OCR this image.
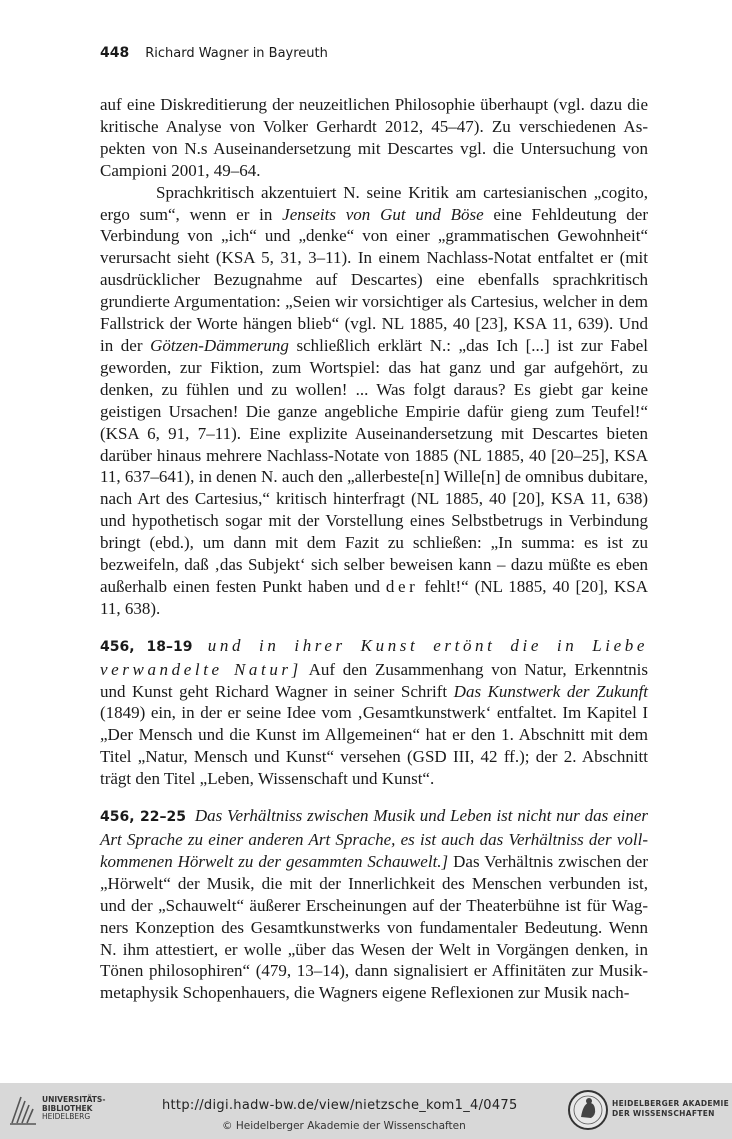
448 Richard Wagner in Bayreuth

auf eine Diskreditierung der neuzeitlichen Philosophie überhaupt (vgl. dazu die kritische Analyse von Volker Gerhardt 2012, 45–47). Zu verschiedenen Aspekten von N.s Auseinandersetzung mit Descartes vgl. die Untersuchung von Campioni 2001, 49–64.

Sprachkritisch akzentuiert N. seine Kritik am cartesianischen „cogito, ergo sum“, wenn er in Jenseits von Gut und Böse eine Fehldeutung der Verbindung von „ich“ und „denke“ von einer „grammatischen Gewohnheit“ verursacht sieht (KSA 5, 31, 3–11). In einem Nachlass-Notat entfaltet er (mit ausdrücklicher Bezugnahme auf Descartes) eine ebenfalls sprachkritisch grundierte Argumentation: „Seien wir vorsichtiger als Cartesius, welcher in dem Fallstrick der Worte hängen blieb“ (vgl. NL 1885, 40 [23], KSA 11, 639). Und in der Götzen-Dämmerung schließlich erklärt N.: „das Ich [...] ist zur Fabel geworden, zur Fiktion, zum Wortspiel: das hat ganz und gar aufgehört, zu denken, zu fühlen und zu wollen! ... Was folgt daraus? Es giebt gar keine geistigen Ursachen! Die ganze angebliche Empirie dafür gieng zum Teufel!“ (KSA 6, 91, 7–11). Eine explizite Auseinandersetzung mit Descartes bieten darüber hinaus mehrere Nachlass-Notate von 1885 (NL 1885, 40 [20–25], KSA 11, 637–641), in denen N. auch den „allerbeste[n] Wille[n] de omnibus dubitare, nach Art des Cartesius,“ kritisch hinterfragt (NL 1885, 40 [20], KSA 11, 638) und hypothetisch sogar mit der Vorstellung eines Selbstbetrugs in Verbindung bringt (ebd.), um dann mit dem Fazit zu schließen: „In summa: es ist zu bezweifeln, daß ‚das Subjekt‘ sich selber beweisen kann – dazu müßte es eben außerhalb einen festen Punkt haben und der fehlt!“ (NL 1885, 40 [20], KSA 11, 638).

456, 18–19 und in ihrer Kunst ertönt die in Liebe verwandelte Natur] Auf den Zusammenhang von Natur, Erkenntnis und Kunst geht Richard Wagner in seiner Schrift Das Kunstwerk der Zukunft (1849) ein, in der er seine Idee vom ‚Gesamtkunstwerk‘ entfaltet. Im Kapitel I „Der Mensch und die Kunst im Allgemeinen“ hat er den 1. Abschnitt mit dem Titel „Natur, Mensch und Kunst“ versehen (GSD III, 42 ff.); der 2. Abschnitt trägt den Titel „Leben, Wissenschaft und Kunst“.

456, 22–25 Das Verhältniss zwischen Musik und Leben ist nicht nur das einer Art Sprache zu einer anderen Art Sprache, es ist auch das Verhältniss der vollkommenen Hörwelt zu der gesammten Schauwelt.] Das Verhältnis zwischen der „Hörwelt“ der Musik, die mit der Innerlichkeit des Menschen verbunden ist, und der „Schauwelt“ äußerer Erscheinungen auf der Theaterbühne ist für Wagners Konzeption des Gesamtkunstwerks von fundamentaler Bedeutung. Wenn N. ihm attestiert, er wolle „über das Wesen der Welt in Vorgängen denken, in Tönen philosophiren“ (479, 13–14), dann signalisiert er Affinitäten zur Musikmetaphysik Schopenhauers, die Wagners eigene Reflexionen zur Musik nach-

UNIVERSITÄTS-
BIBLIOTHEK
HEIDELBERG
http://digi.hadw-bw.de/view/nietzsche_kom1_4/0475
© Heidelberger Akademie der Wissenschaften
HEIDELBERGER AKADEMIE
DER WISSENSCHAFTEN
